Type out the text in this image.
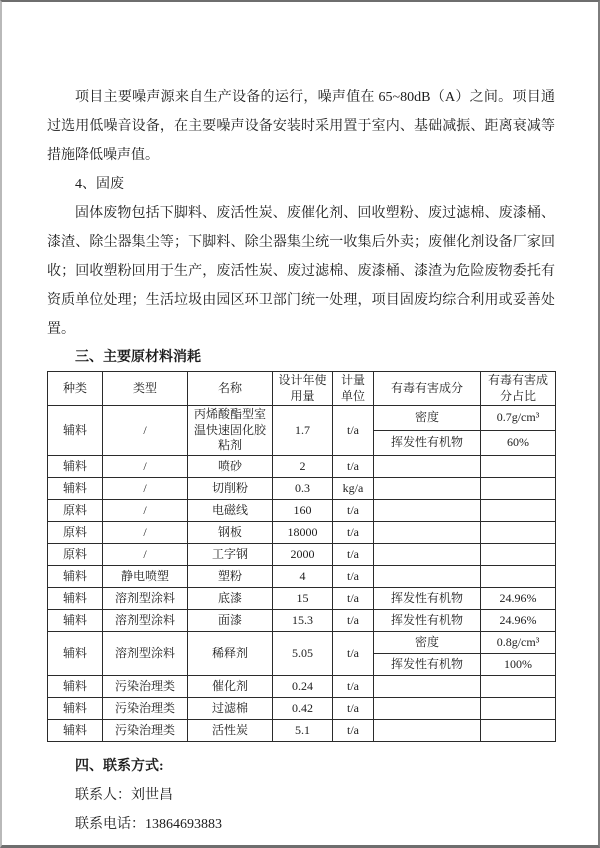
项目主要噪声源来自生产设备的运行，噪声值在 65~80dB（A）之间。项目通过选用低噪音设备，在主要噪声设备安装时采用置于室内、基础减振、距离衰减等措施降低噪声值。

4、固废

固体废物包括下脚料、废活性炭、废催化剂、回收塑粉、废过滤棉、废漆桶、漆渣、除尘器集尘等；下脚料、除尘器集尘统一收集后外卖；废催化剂设备厂家回收；回收塑粉回用于生产，废活性炭、废过滤棉、废漆桶、漆渣为危险废物委托有资质单位处理；生活垃圾由园区环卫部门统一处理，项目固废均综合利用或妥善处置。

三、主要原材料消耗

种类	类型	名称	设计年使用量	计量单位	有毒有害成分	有毒有害成分占比
辅料	/	丙烯酸酯型室温快速固化胶粘剂	1.7	t/a	密度	0.7g/cm³
					挥发性有机物	60%
辅料	/	喷砂	2	t/a		
辅料	/	切削粉	0.3	kg/a		
原料	/	电磁线	160	t/a		
原料	/	钢板	18000	t/a		
原料	/	工字钢	2000	t/a		
辅料	静电喷塑	塑粉	4	t/a		
辅料	溶剂型涂料	底漆	15	t/a	挥发性有机物	24.96%
辅料	溶剂型涂料	面漆	15.3	t/a	挥发性有机物	24.96%
辅料	溶剂型涂料	稀释剂	5.05	t/a	密度	0.8g/cm³
					挥发性有机物	100%
辅料	污染治理类	催化剂	0.24	t/a		
辅料	污染治理类	过滤棉	0.42	t/a		
辅料	污染治理类	活性炭	5.1	t/a		

四、联系方式:

联系人：刘世昌

联系电话：13864693883
